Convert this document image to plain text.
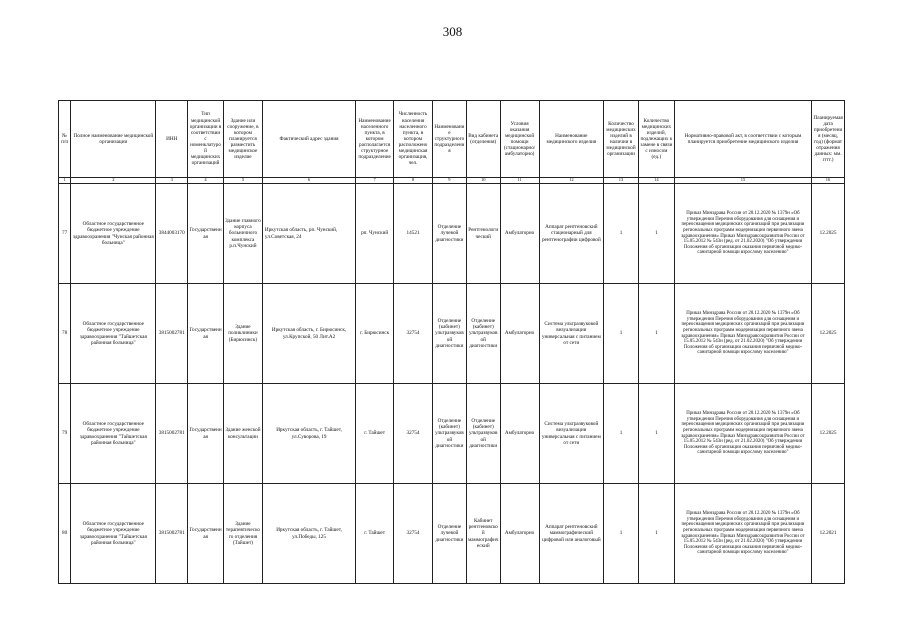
308
№ п/п	Полное наименование медицинской организации	ИНН	Тип медицинской организации в соответствии с номенклатурой медицинских организаций	Здание или сооружение, в котором планируется разместить медицинское изделие	Фактический адрес здания	Наименование населенного пункта, в котором располагается структурное подразделение	Численность населения населенного пункта, в котором расположено медицинская организация, чел.	Наименование структурного подразделения	Вид кабинета (отделения)	Условия оказания медицинской помощи (стационарно/амбулаторно)	Наименование медицинского изделия	Количество медицинских изделий в наличии в медицинской организации	Количество медицинских изделий, подлежащих к замене в связи с износом (ед.)	Нормативно-правовой акт, в соответствии с которым планируется приобретение медицинского изделия	Планируемая дата приобретения (месяц, год) (формат отражения данных: мм. гггг.)
1	2	3	4	5	6	7	8	9	10	11	12	13	14	15	16
77	Областное государственное бюджетное учреждение здравоохранения "Чунская районная больница"	3844003170	Государственная	Здание главного корпуса больничного комплекса р.п.Чунский	Иркутская область, рп. Чунский, ул.Советская, 24	рп. Чунский	14521	Отделение лучевой диагностики	Рентгенологический	Амбулаторно	Аппарат рентгеновский стационарный для рентгенографии цифровой	1	1	Приказ Минздрава России от 28.12.2020 № 1379н «Об утверждении Перечня оборудования для оснащения и переоснащения медицинских организаций при реализации региональных программ модернизации первичного звена здравоохранения» Приказ Минздравсоцразвития России от 15.05.2012 № 543н (ред. от 21.02.2020) "Об утверждении Положения об организации оказания первичной медико-санитарной помощи взрослому населению"	12.2025
78	Областное государственное бюджетное учреждение здравоохранения "Тайшетская районная больница"	3815002781	Государственная	Здание поликлиники (Бирюсинск)	Иркутская область, г. Бирюсинск, ул.Крупской, 50 Лит.А2	г. Бирюсинск	32754	Отделение (кабинет) ультразвуковой диагностики	Отделение (кабинет) ультразвуковой диагностики	Амбулаторно	Система ультразвуковой визуализации универсальная с питанием от сети	1	1	Приказ Минздрава России от 28.12.2020 № 1379н «Об утверждении Перечня оборудования для оснащения и переоснащения медицинских организаций при реализации региональных программ модернизации первичного звена здравоохранения» Приказ Минздравсоцразвития России от 15.05.2012 № 543н (ред. от 21.02.2020) "Об утверждении Положения об организации оказания первичной медико-санитарной помощи взрослому населению"	12.2025
79	Областное государственное бюджетное учреждение здравоохранения "Тайшетская районная больница"	3815002781	Государственная	Здание женской консультации	Иркутская область, г. Тайшет, ул.Суворова, 19	г. Тайшет	32754	Отделение (кабинет) ультразвуковой диагностики	Отделение (кабинет) ультразвуковой диагностики	Амбулаторно	Система ультразвуковой визуализации универсальная с питанием от сети	1	1	Приказ Минздрава России от 28.12.2020 № 1379н «Об утверждении Перечня оборудования для оснащения и переоснащения медицинских организаций при реализации региональных программ модернизации первичного звена здравоохранения» Приказ Минздравсоцразвития России от 15.05.2012 № 543н (ред. от 21.02.2020) "Об утверждении Положения об организации оказания первичной медико-санитарной помощи взрослому населению"	12.2025
80	Областное государственное бюджетное учреждение здравоохранения "Тайшетская районная больница"	3815002781	Государственная	Здание терапевтического отделения (Тайшет)	Иркутская область, г. Тайшет, ул.Победы, 125	г. Тайшет	32754	Отделение лучевой диагностики	Кабинет рентгеновской маммографический	Амбулаторно	Аппарат рентгеновский маммографический цифровой или аналоговый	1	1	Приказ Минздрава России от 28.12.2020 № 1379н «Об утверждении Перечня оборудования для оснащения и переоснащения медицинских организаций при реализации региональных программ модернизации первичного звена здравоохранения» Приказ Минздравсоцразвития России от 15.05.2012 № 543н (ред. от 21.02.2020) "Об утверждении Положения об организации оказания первичной медико-санитарной помощи взрослому населению"	12.2021
